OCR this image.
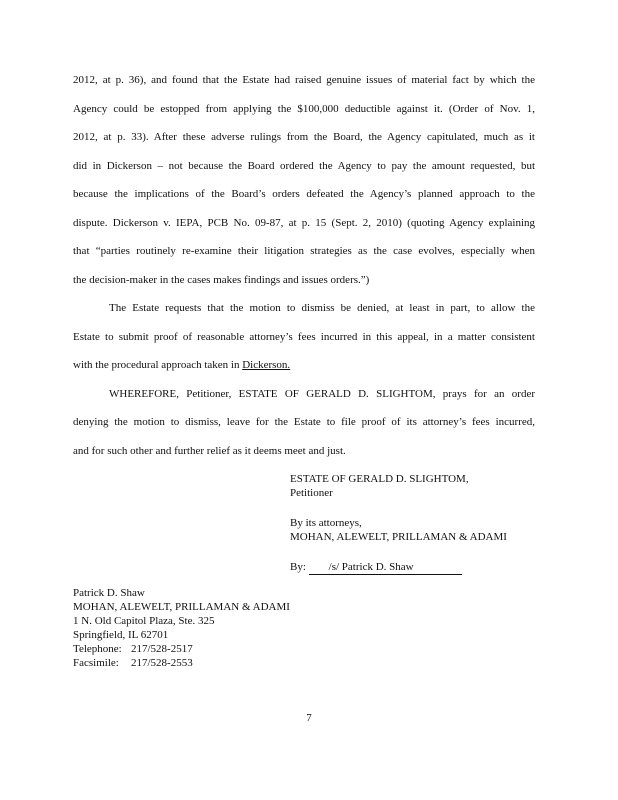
2012, at p. 36), and found that the Estate had raised genuine issues of material fact by which the
Agency could be estopped from applying the $100,000 deductible against it. (Order of Nov. 1,
2012, at p. 33). After these adverse rulings from the Board, the Agency capitulated, much as it
did in Dickerson – not because the Board ordered the Agency to pay the amount requested, but
because the implications of the Board’s orders defeated the Agency’s planned approach to the
dispute. Dickerson v. IEPA, PCB No. 09-87, at p. 15 (Sept. 2, 2010) (quoting Agency explaining
that “parties routinely re-examine their litigation strategies as the case evolves, especially when
the decision-maker in the cases makes findings and issues orders.”)
The Estate requests that the motion to dismiss be denied, at least in part, to allow the
Estate to submit proof of reasonable attorney’s fees incurred in this appeal, in a matter consistent
with the procedural approach taken in Dickerson.
WHEREFORE, Petitioner, ESTATE OF GERALD D. SLIGHTOM, prays for an order
denying the motion to dismiss, leave for the Estate to file proof of its attorney’s fees incurred,
and for such other and further relief as it deems meet and just.
ESTATE OF GERALD D. SLIGHTOM,
Petitioner
By its attorneys,
MOHAN, ALEWELT, PRILLAMAN & ADAMI
By: /s/ Patrick D. Shaw
Patrick D. Shaw
MOHAN, ALEWELT, PRILLAMAN & ADAMI
1 N. Old Capitol Plaza, Ste. 325
Springfield, IL 62701
Telephone: 217/528-2517
Facsimile: 217/528-2553
7
